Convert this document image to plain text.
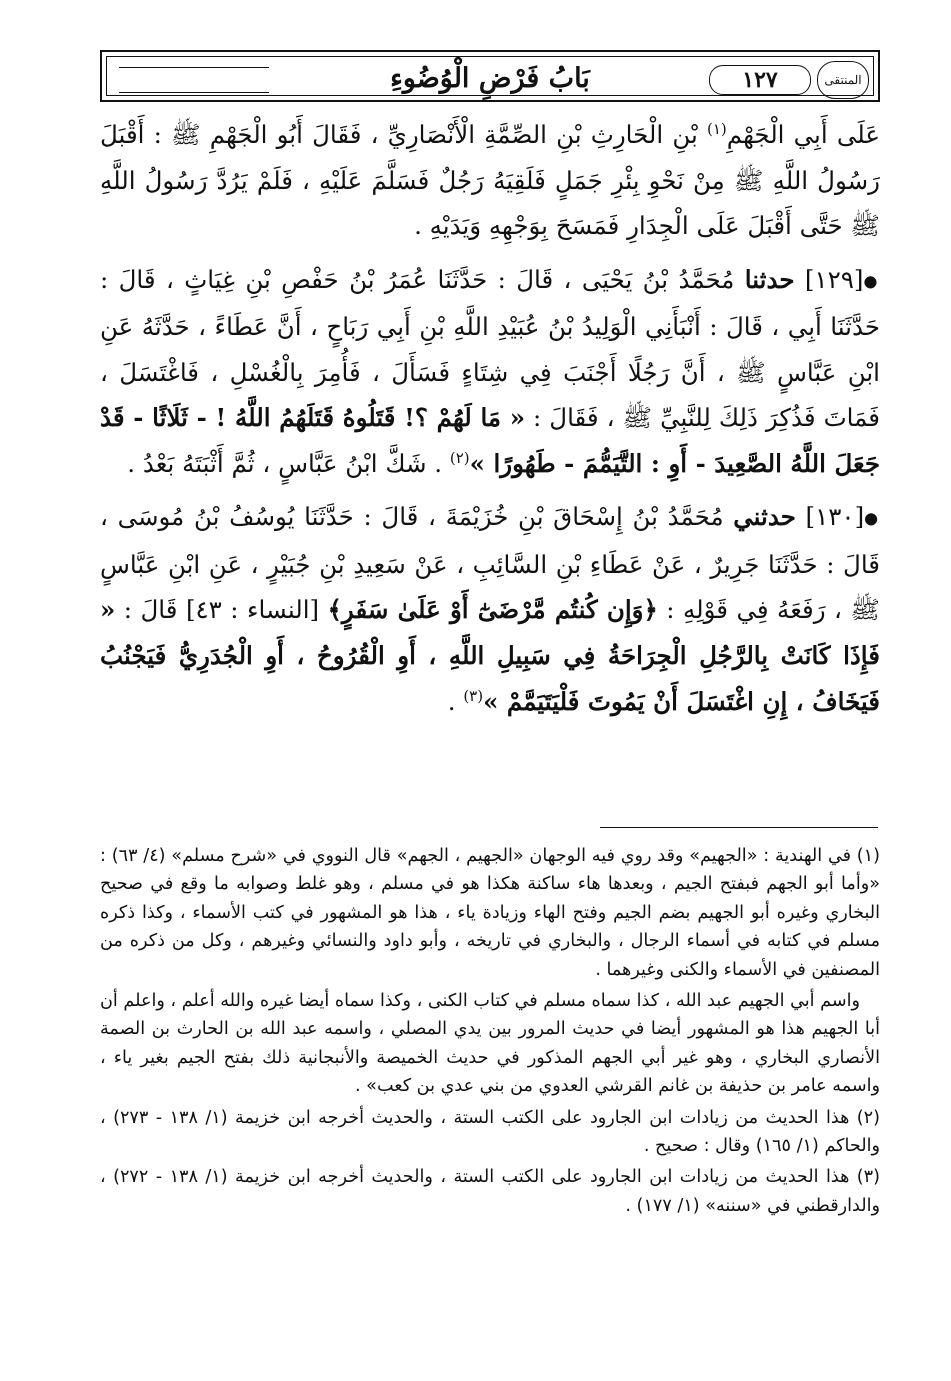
بَابُ فَرْضِ الْوُضُوءِ	١٢٧	المنتقى

عَلَى أَبِي الْجَهْمِ$^{(١)}$ بْنِ الْحَارِثِ بْنِ الصِّمَّةِ الْأَنْصَارِيِّ ، فَقَالَ أَبُو الْجَهْمِ ﷺ : أَقْبَلَ رَسُولُ اللَّهِ ﷺ مِنْ نَحْوِ بِئْرِ جَمَلٍ فَلَقِيَهُ رَجُلٌ فَسَلَّمَ عَلَيْهِ ، فَلَمْ يَرُدَّ رَسُولُ اللَّهِ ﷺ حَتَّى أَقْبَلَ عَلَى الْجِدَارِ فَمَسَحَ بِوَجْهِهِ وَيَدَيْهِ .

●[١٢٩] حدثنا مُحَمَّدُ بْنُ يَحْيَى ، قَالَ : حَدَّثَنَا عُمَرُ بْنُ حَفْصِ بْنِ غِيَاثٍ ، قَالَ : حَدَّثَنَا أَبِي ، قَالَ : أَنْبَأَنِي الْوَلِيدُ بْنُ عُبَيْدِ اللَّهِ بْنِ أَبِي رَبَاحٍ ، أَنَّ عَطَاءً ، حَدَّثَهُ عَنِ ابْنِ عَبَّاسٍ ﷺ ، أَنَّ رَجُلًا أَجْنَبَ فِي شِتَاءٍ فَسَأَلَ ، فَأُمِرَ بِالْغُسْلِ ، فَاغْتَسَلَ ، فَمَاتَ فَذُكِرَ ذَلِكَ لِلنَّبِيِّ ﷺ ، فَقَالَ : « مَا لَهُمْ ؟! قَتَلُوهُ قَتَلَهُمُ اللَّهُ ! - ثَلَاثًا - قَدْ جَعَلَ اللَّهُ الصَّعِيدَ - أَوِ : التَّيَمُّمَ - طَهُورًا »$^{(٢)}$ . شَكَّ ابْنُ عَبَّاسٍ ، ثُمَّ أَثْبَتَهُ بَعْدُ .

●[١٣٠] حدثني مُحَمَّدُ بْنُ إِسْحَاقَ بْنِ خُزَيْمَةَ ، قَالَ : حَدَّثَنَا يُوسُفُ بْنُ مُوسَى ، قَالَ : حَدَّثَنَا جَرِيرٌ ، عَنْ عَطَاءِ بْنِ السَّائِبِ ، عَنْ سَعِيدِ بْنِ جُبَيْرٍ ، عَنِ ابْنِ عَبَّاسٍ ﷺ ، رَفَعَهُ فِي قَوْلِهِ : ﴿وَإِن كُنتُم مَّرْضَىٰٓ أَوْ عَلَىٰ سَفَرٍ﴾ [النساء : ٤٣] قَالَ : « فَإِذَا كَانَتْ بِالرَّجُلِ الْجِرَاحَةُ فِي سَبِيلِ اللَّهِ ، أَوِ الْقُرُوحُ ، أَوِ الْجُدَرِيُّ فَيَجْنُبُ فَيَخَافُ ، إِنِ اغْتَسَلَ أَنْ يَمُوتَ فَلْيَتَيَمَّمْ »$^{(٣)}$ .

(١) في الهندية : «الجهيم» وقد روي فيه الوجهان «الجهيم ، الجهم» قال النووي في «شرح مسلم» (٤/ ٦٣) : «وأما أبو الجهم فبفتح الجيم ، وبعدها هاء ساكنة هكذا هو في مسلم ، وهو غلط وصوابه ما وقع في صحيح البخاري وغيره أبو الجهيم بضم الجيم وفتح الهاء وزيادة ياء ، هذا هو المشهور في كتب الأسماء ، وكذا ذكره مسلم في كتابه في أسماء الرجال ، والبخاري في تاريخه ، وأبو داود والنسائي وغيرهم ، وكل من ذكره من المصنفين في الأسماء والكنى وغيرهما .

واسم أبي الجهيم عبد الله ، كذا سماه مسلم في كتاب الكنى ، وكذا سماه أيضا غيره والله أعلم ، واعلم أن أبا الجهيم هذا هو المشهور أيضا في حديث المرور بين يدي المصلي ، واسمه عبد الله بن الحارث بن الصمة الأنصاري البخاري ، وهو غير أبي الجهم المذكور في حديث الخميصة والأنبجانية ذلك بفتح الجيم بغير ياء ، واسمه عامر بن حذيفة بن غانم القرشي العدوي من بني عدي بن كعب» .

(٢) هذا الحديث من زيادات ابن الجارود على الكتب الستة ، والحديث أخرجه ابن خزيمة (١/ ١٣٨ - ٢٧٣) ، والحاكم (١/ ١٦٥) وقال : صحيح .

(٣) هذا الحديث من زيادات ابن الجارود على الكتب الستة ، والحديث أخرجه ابن خزيمة (١/ ١٣٨ - ٢٧٢) ، والدارقطني في «سننه» (١/ ١٧٧) .
